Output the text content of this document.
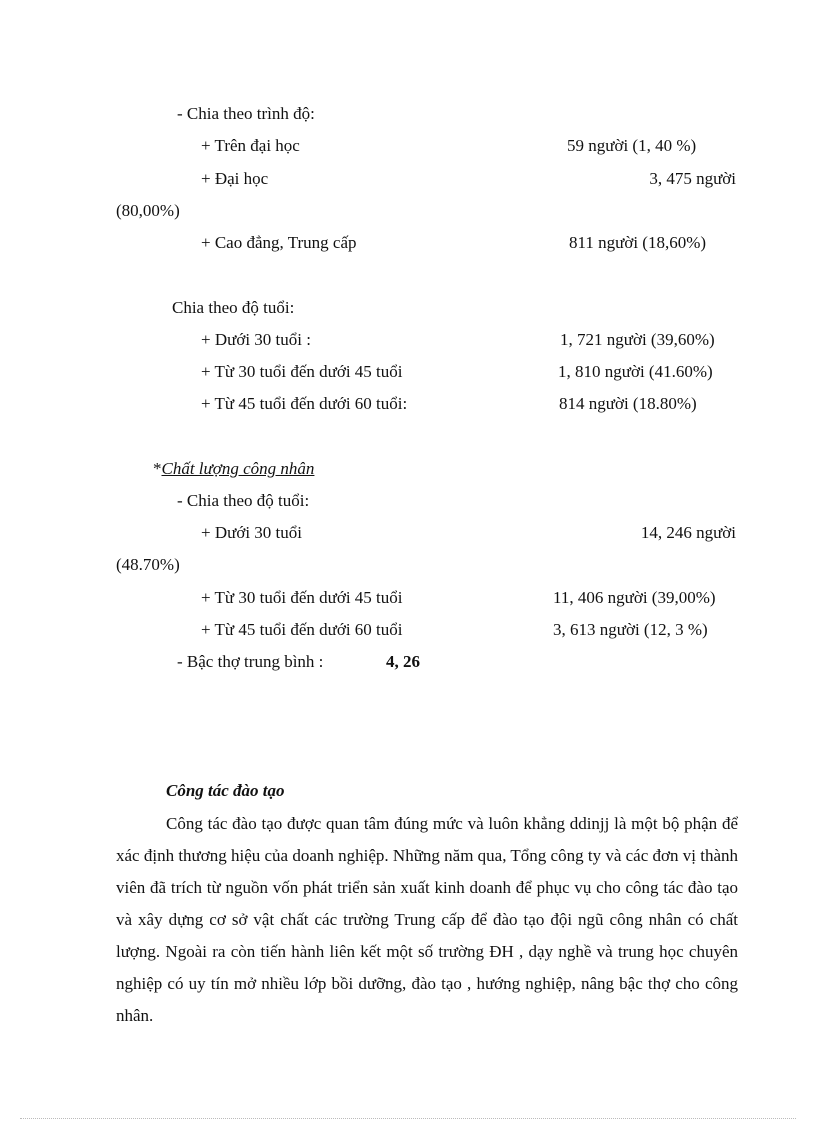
- Chia theo trình độ:
+ Trên đại học	59 người (1, 40 %)
+ Đại học	3, 475 người
(80,00%)
+ Cao đẳng, Trung cấp	811 người (18,60%)
Chia theo độ tuổi:
+ Dưới 30 tuổi :	1, 721 người (39,60%)
+ Từ 30 tuổi đến dưới 45 tuổi	1, 810 người (41.60%)
+ Từ 45 tuổi đến dưới 60 tuổi:	814 người (18.80%)
*Chất lượng công nhân
- Chia theo độ tuổi:
+ Dưới 30 tuổi	14, 246 người
(48.70%)
+ Từ 30 tuổi đến dưới 45 tuổi	11, 406 người (39,00%)
+ Từ 45 tuổi đến dưới 60 tuổi	3, 613 người (12, 3 %)
- Bậc thợ trung bình :	4, 26
Công tác đào tạo

Công tác đào tạo được quan tâm đúng mức và luôn khẳng ddinjj là một bộ phận để xác định thương hiệu của doanh nghiệp. Những năm qua, Tổng công ty và các đơn vị thành viên đã trích từ nguồn vốn phát triển sản xuất kinh doanh để phục vụ cho công tác đào tạo và xây dựng cơ sở vật chất các trường Trung cấp để đào tạo đội ngũ công nhân có chất lượng. Ngoài ra còn tiến hành liên kết một số trường ĐH , dạy nghề và trung học chuyên nghiệp có uy tín mở nhiều lớp bồi dưỡng, đào tạo , hướng nghiệp, nâng bậc thợ cho công nhân.
